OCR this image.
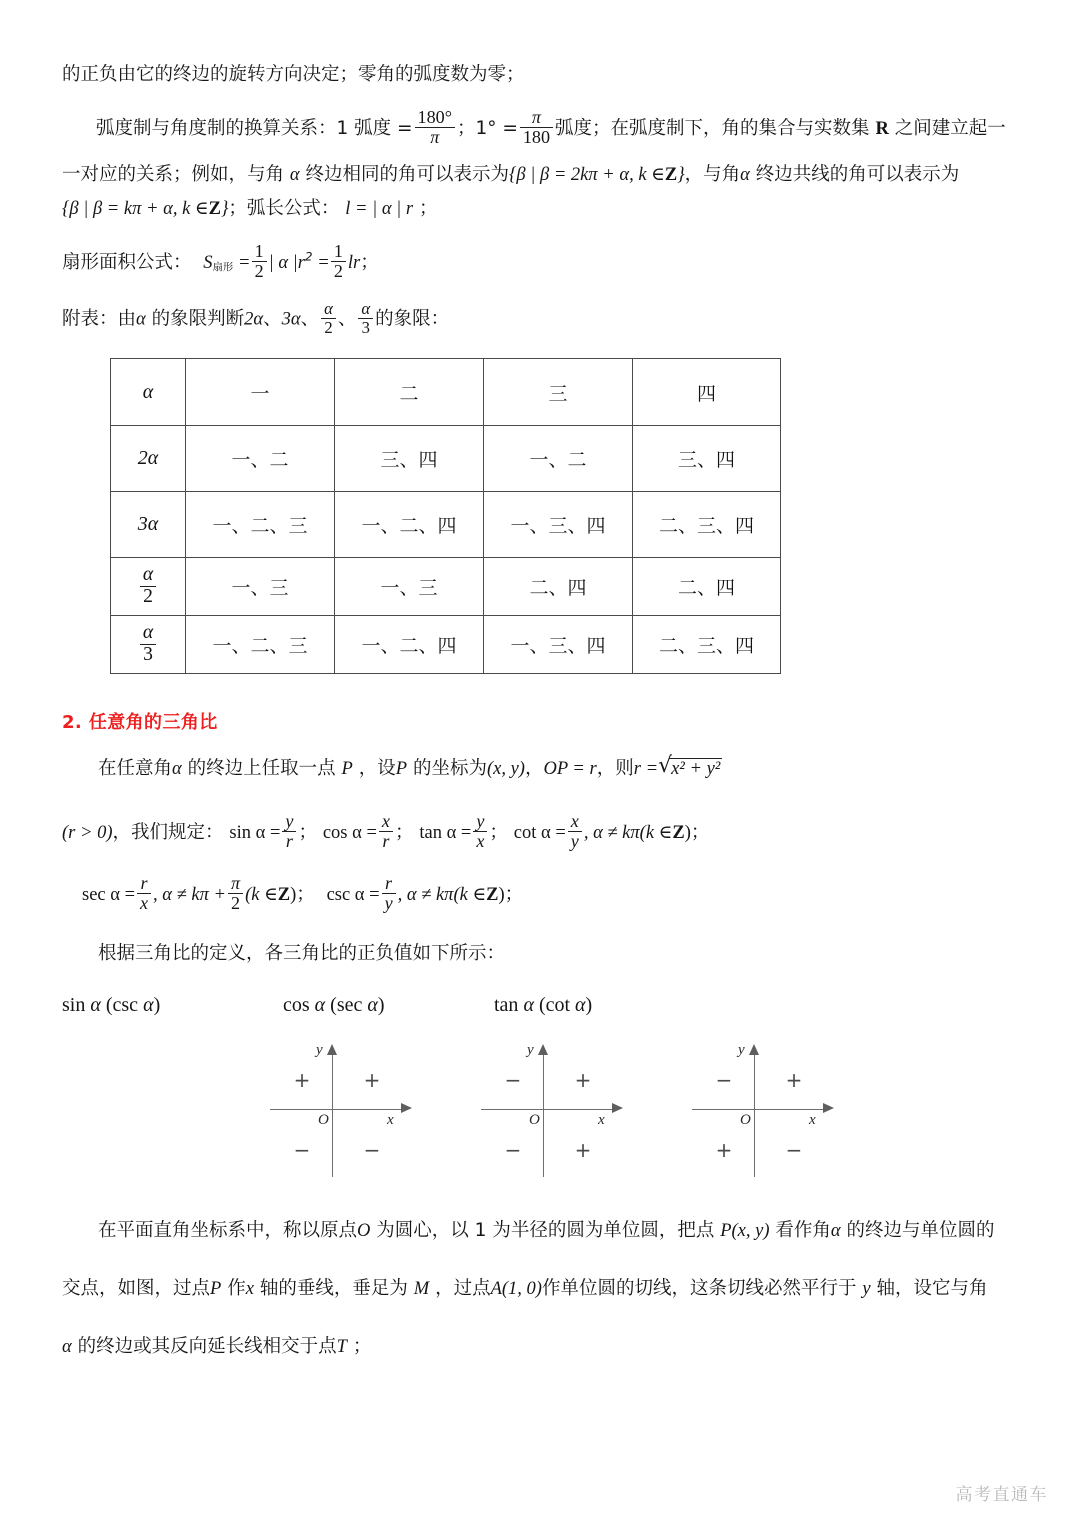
的正负由它的终边的旋转方向决定；零角的弧度数为零；
弧度制与角度制的换算关系：1 弧度 = $\frac{180^\circ}{\pi}$ ；$1^\circ = \frac{\pi}{180}$ 弧度；在弧度制下，角的集合与实数集 R 之间建立起一
一对应的关系；例如，与角 α 终边相同的角可以表示为{β | β = 2kπ + α, k ∈Z}，与角α 终边共线的角可以表示为
{β | β = kπ + α, k ∈Z}；弧长公式： l = | α | r ；
扇形面积公式： $S_{扇形} = \frac{1}{2}$ | α $|r^2 = \frac{1}{2}$ lr；
附表：由α 的象限判断2α、3α、 $\frac{\alpha}{2}$ 、 $\frac{\alpha}{3}$ 的象限：
α	一	二	三	四
2α	一、二	三、四	一、二	三、四
3α	一、二、三	一、二、四	一、三、四	二、三、四

$\frac{\alpha}{2}$	一、三	一、三	二、四	二、四

$\frac{\alpha}{3}$	一、二、三	一、二、四	一、三、四	二、三、四
2. 任意角的三角比
在任意角α 的终边上任取一点 P ，设P 的坐标为(x, y)，OP = r，则r = √ x² + y²
(r > 0)，我们规定： $\sin \alpha = \frac{y}{r}$ ； $\cos \alpha = \frac{x}{r}$ ； $\tan \alpha = \frac{y}{x}$ ； $\cot \alpha = \frac{x}{y}$ , α ≠ kπ(k ∈Z)；
$\sec \alpha = \frac{r}{x}$ , $\alpha \ne k\pi + \frac{\pi}{2} (k$ ∈Z)； $\csc \alpha = \frac{r}{y}$ , α ≠ kπ(k ∈Z)；
根据三角比的定义，各三角比的正负值如下所示：
sin α (csc α)	cos α (sec α)	tan α (cot α)
y
x
O
+	+
−	−
y
x
O
−	+
−	+
y
x
O
−	+
+	−
在平面直角坐标系中，称以原点O 为圆心，以 1 为半径的圆为单位圆，把点 P(x, y) 看作角α 的终边与单位圆的
交点，如图，过点P 作x 轴的垂线，垂足为 M ，过点A(1, 0)作单位圆的切线，这条切线必然平行于 y 轴，设它与角
α 的终边或其反向延长线相交于点T ；
高考直通车
